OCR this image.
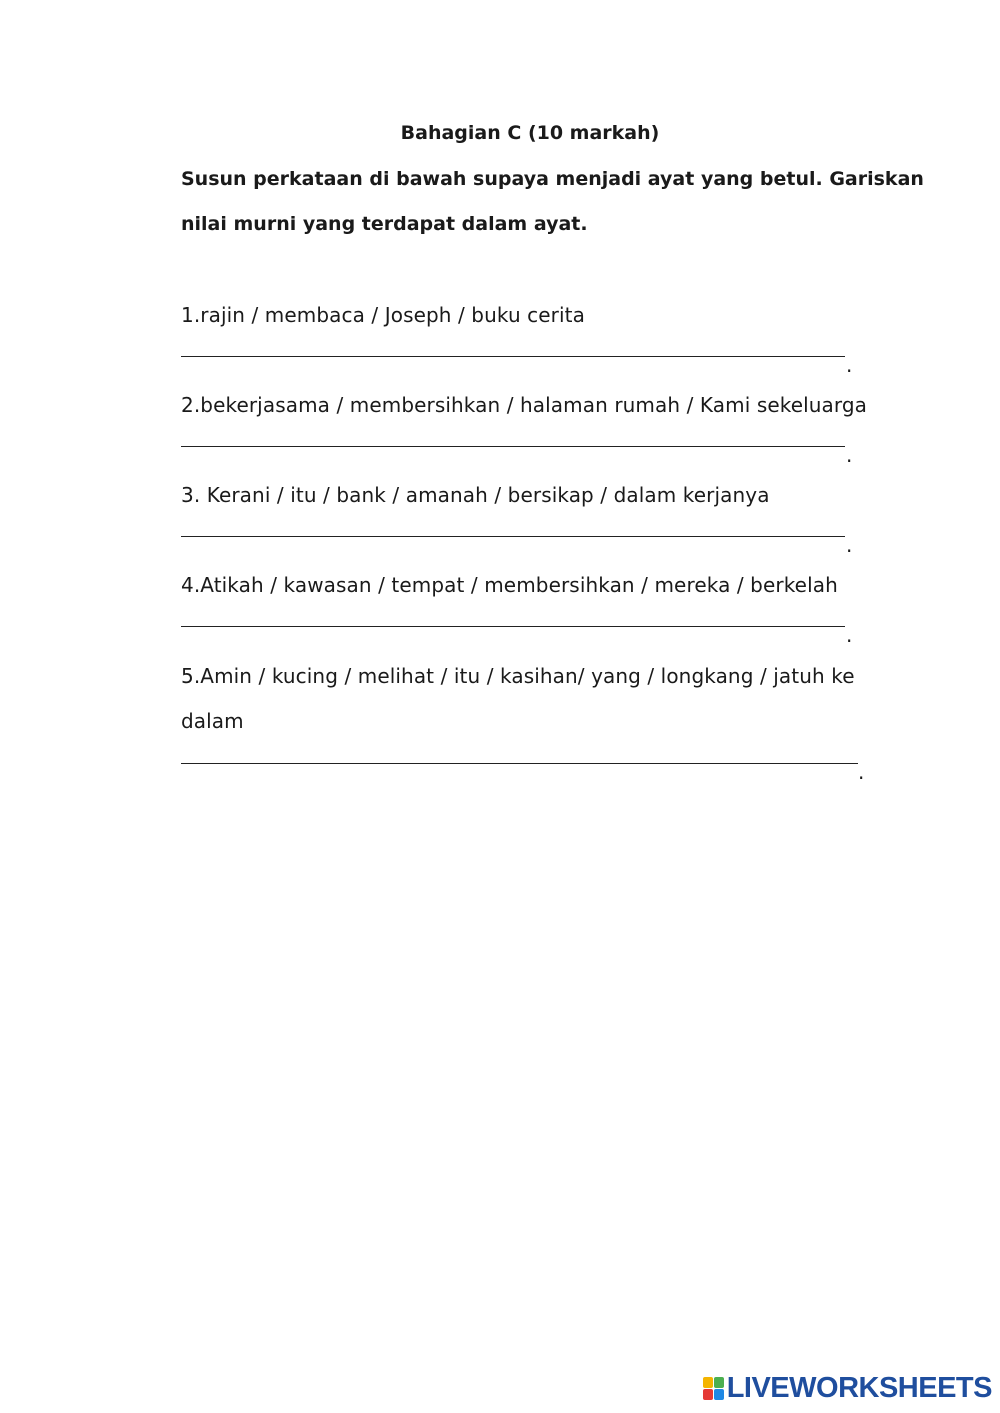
Bahagian C (10 markah)
Susun perkataan di bawah supaya menjadi ayat yang betul. Gariskan
nilai murni yang terdapat dalam ayat.
1.rajin / membaca / Joseph / buku cerita
.
2.bekerjasama / membersihkan / halaman rumah / Kami sekeluarga
.
3. Kerani / itu / bank / amanah / bersikap / dalam kerjanya
.
4.Atikah / kawasan / tempat / membersihkan / mereka / berkelah
.
5.Amin / kucing / melihat / itu / kasihan/ yang / longkang / jatuh ke
dalam
.
LIVEWORKSHEETS
